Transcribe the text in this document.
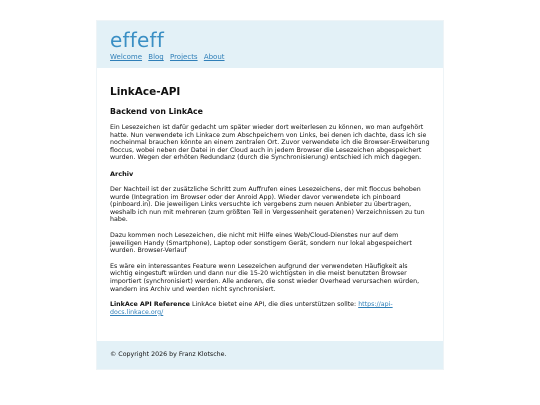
effeff
Welcome Blog Projects About
LinkAce-API
Backend von LinkAce

Ein Lesezeichen ist dafür gedacht um später wieder dort weiterlesen zu können, wo man aufgehört hatte. Nun verwendete ich Linkace zum Abschpeichern von Links, bei denen ich dachte, dass ich sie nocheinmal brauchen könnte an einem zentralen Ort. Zuvor verwendete ich die Browser-Erweiterung floccus, wobei neben der Datei in der Cloud auch in jedem Browser die Lesezeichen abgespeichert wurden. Wegen der erhöten Redundanz (durch die Synchronisierung) entschied ich mich dagegen.

Archiv

Der Nachteil ist der zusätzliche Schritt zum Auffrufen eines Lesezeichens, der mit floccus behoben wurde (Integration im Browser oder der Anroid App). Wieder davor verwendete ich pinboard (pinboard.in). Die jeweiligen Links versuchte ich vergebens zum neuen Anbieter zu übertragen, weshalb ich nun mit mehreren (zum größten Teil in Vergessenheit geratenen) Verzeichnissen zu tun habe.

Dazu kommen noch Lesezeichen, die nicht mit Hilfe eines Web/Cloud-Dienstes nur auf dem jeweiligen Handy (Smartphone), Laptop oder sonstigem Gerät, sondern nur lokal abgespeichert wurden. Browser-Verlauf

Es wäre ein interessantes Feature wenn Lesezeichen aufgrund der verwendeten Häufigkeit als wichtig eingestuft würden und dann nur die 15-20 wichtigsten in die meist benutzten Browser importiert (synchronisiert) werden. Alle anderen, die sonst wieder Overhead verursachen würden, wandern ins Archiv und werden nicht synchronisiert.

LinkAce API Reference LinkAce bietet eine API, die dies unterstützen sollte: https://api-docs.linkace.org/

© Copyright 2026 by Franz Klotsche.
